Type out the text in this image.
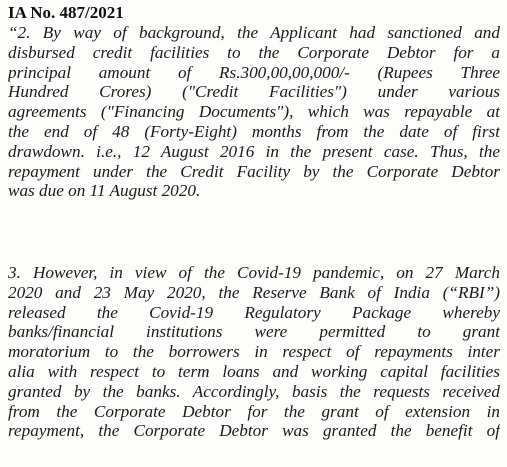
IA No. 487/2021
“2. By way of background, the Applicant had sanctioned and
disbursed credit facilities to the Corporate Debtor for a
principal amount of Rs.300,00,00,000/- (Rupees Three
Hundred Crores) ("Credit Facilities") under various
agreements ("Financing Documents"), which was repayable at
the end of 48 (Forty-Eight) months from the date of first
drawdown. i.e., 12 August 2016 in the present case. Thus, the
repayment under the Credit Facility by the Corporate Debtor
was due on 11 August 2020.
3. However, in view of the Covid-19 pandemic, on 27 March
2020 and 23 May 2020, the Reserve Bank of India (“RBI”)
released the Covid-19 Regulatory Package whereby
banks/financial institutions were permitted to grant
moratorium to the borrowers in respect of repayments inter
alia with respect to term loans and working capital facilities
granted by the banks. Accordingly, basis the requests received
from the Corporate Debtor for the grant of extension in
repayment, the Corporate Debtor was granted the benefit of
